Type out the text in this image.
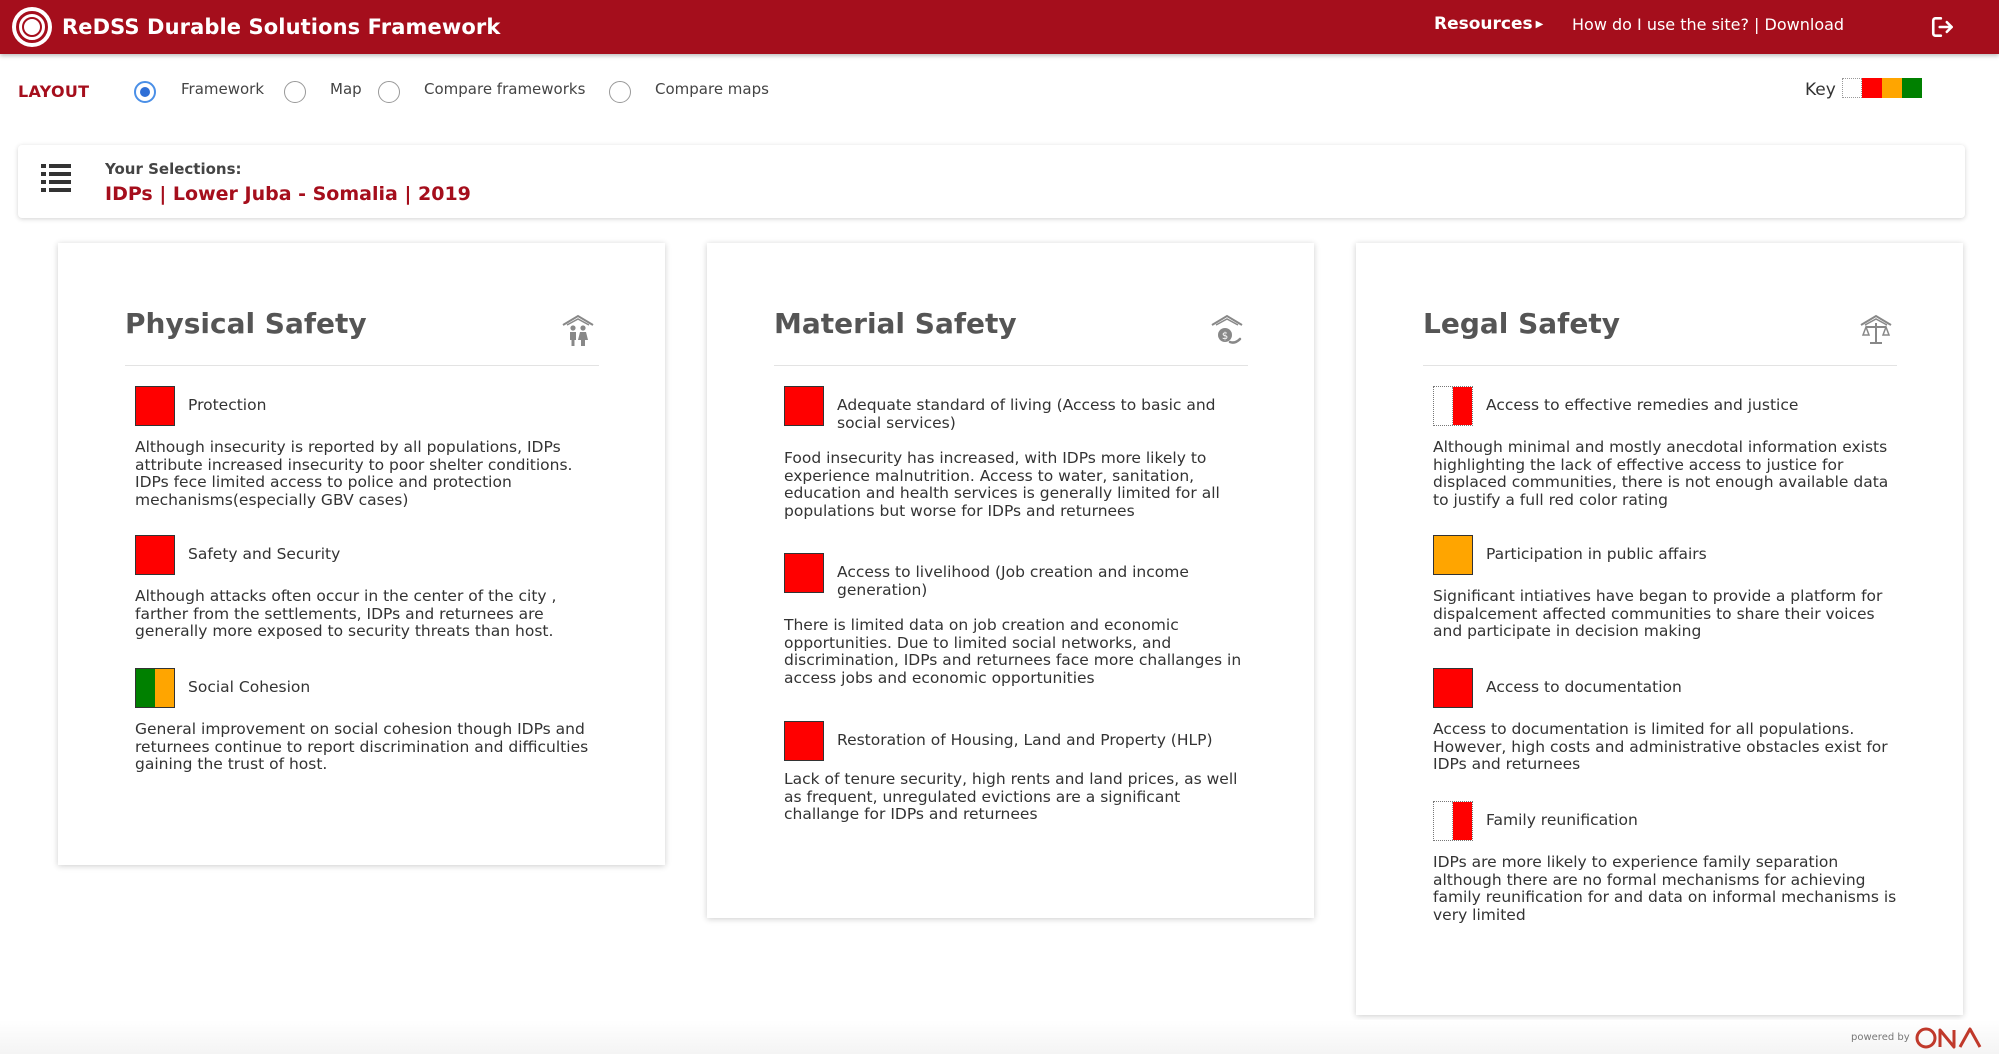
ReDSS Durable Solutions Framework	Resources ▶ How do I use the site? | Download
LAYOUT	Framework	Map	Compare frameworks	Compare maps	Key
Your Selections:
IDPs | Lower Juba - Somalia | 2019
Physical Safety
Protection
Although insecurity is reported by all populations, IDPs attribute increased insecurity to poor shelter conditions. IDPs fece limited access to police and protection mechanisms(especially GBV cases)
Safety and Security
Although attacks often occur in the center of the city , farther from the settlements, IDPs and returnees are generally more exposed to security threats than host.
Social Cohesion
General improvement on social cohesion though IDPs and returnees continue to report discrimination and difficulties gaining the trust of host.
Material Safety	$
Adequate standard of living (Access to basic and social services)
Food insecurity has increased, with IDPs more likely to experience malnutrition. Access to water, sanitation, education and health services is generally limited for all populations but worse for IDPs and returnees
Access to livelihood (Job creation and income generation)
There is limited data on job creation and economic opportunities. Due to limited social networks, and discrimination, IDPs and returnees face more challanges in access jobs and economic opportunities
Restoration of Housing, Land and Property (HLP)
Lack of tenure security, high rents and land prices, as well as frequent, unregulated evictions are a significant challange for IDPs and returnees
Legal Safety
Access to effective remedies and justice
Although minimal and mostly anecdotal information exists highlighting the lack of effective access to justice for displaced communities, there is not enough available data to justify a full red color rating
Participation in public affairs
Significant intiatives have began to provide a platform for dispalcement affected communities to share their voices and participate in decision making
Access to documentation
Access to documentation is limited for all populations. However, high costs and administrative obstacles exist for IDPs and returnees
Family reunification
IDPs are more likely to experience family separation although there are no formal mechanisms for achieving family reunification for and data on informal mechanisms is very limited
powered by
